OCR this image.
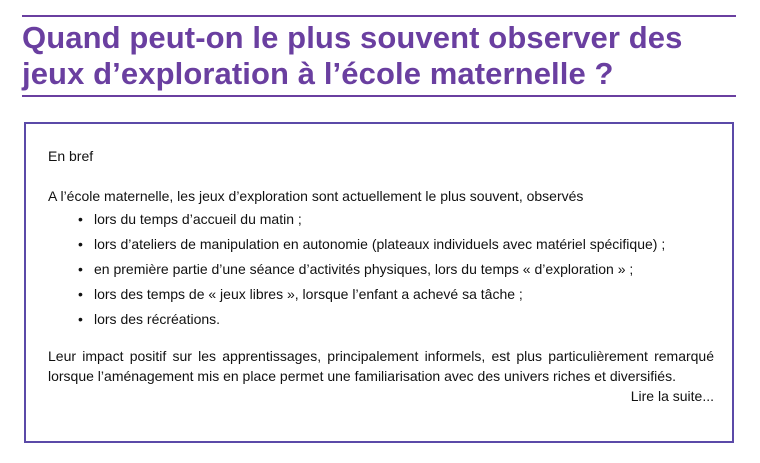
Quand peut-on le plus souvent observer des
jeux d’exploration à l’école maternelle ?

En bref

A l’école maternelle, les jeux d’exploration sont actuellement le plus souvent, observés

• lors du temps d’accueil du matin ;
• lors d’ateliers de manipulation en autonomie (plateaux individuels avec matériel spécifique) ;
• en première partie d’une séance d’activités physiques, lors du temps « d’exploration » ;
• lors des temps de « jeux libres », lorsque l’enfant a achevé sa tâche ;
• lors des récréations.

Leur impact positif sur les apprentissages, principalement informels, est plus particulièrement remarqué lorsque l’aménagement mis en place permet une familiarisation avec des univers riches et diversifiés.

Lire la suite...
